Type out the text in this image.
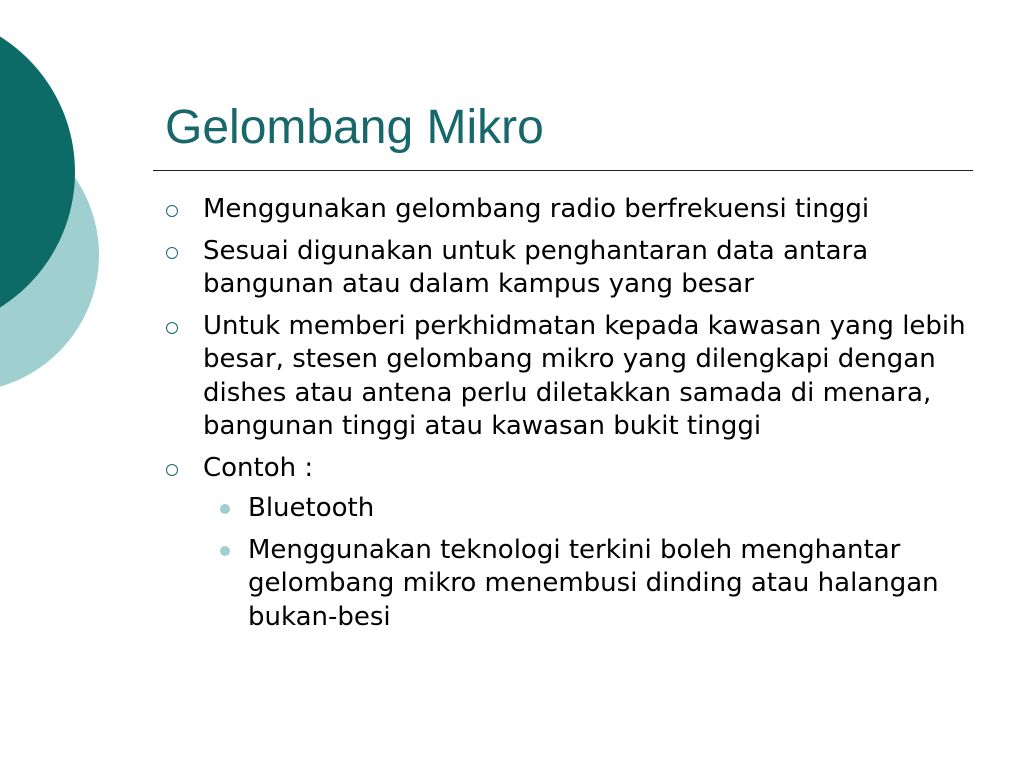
Gelombang Mikro
Menggunakan gelombang radio berfrekuensi tinggi
Sesuai digunakan untuk penghantaran data antara bangunan atau dalam kampus yang besar
Untuk memberi perkhidmatan kepada kawasan yang lebih besar, stesen gelombang mikro yang dilengkapi dengan dishes atau antena perlu diletakkan samada di menara, bangunan tinggi atau kawasan bukit tinggi
Contoh :
Bluetooth
Menggunakan teknologi terkini boleh menghantar gelombang mikro menembusi dinding atau halangan bukan-besi
